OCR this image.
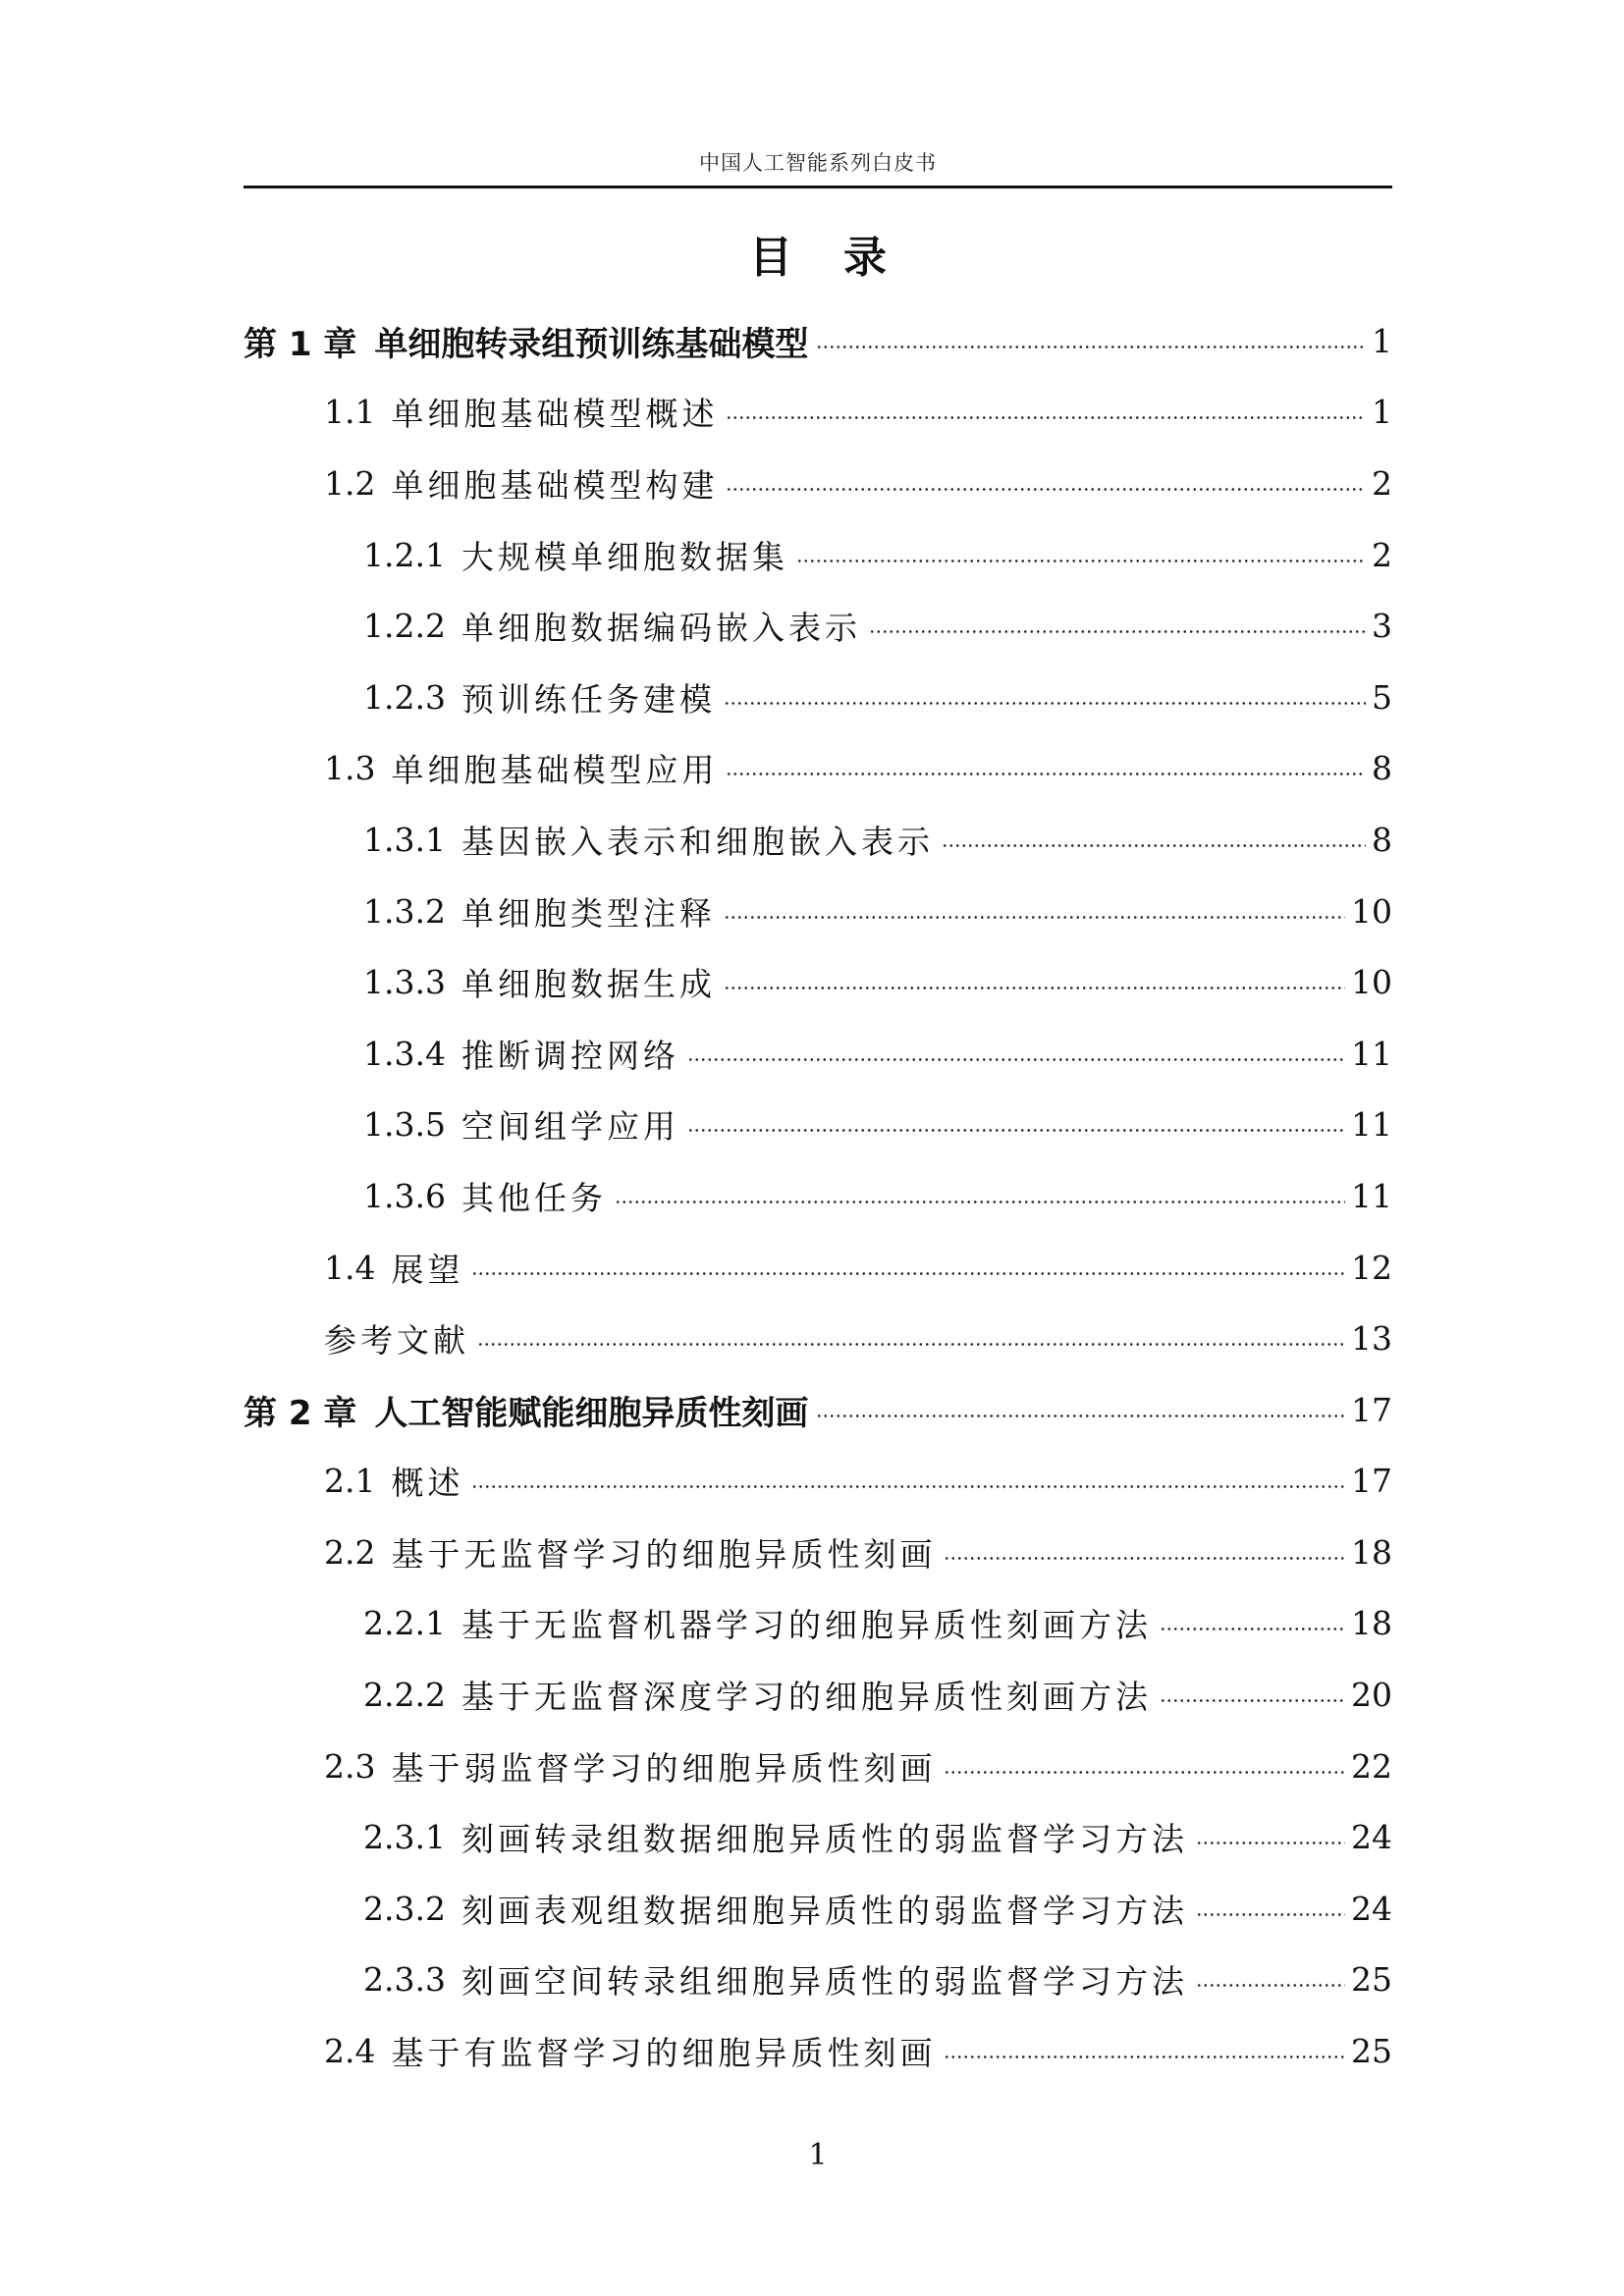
中国人工智能系列白皮书
目录
第 1 章 单细胞转录组预训练基础模型	1
1.1 单细胞基础模型概述	1
1.2 单细胞基础模型构建	2
1.2.1 大规模单细胞数据集	2
1.2.2 单细胞数据编码嵌入表示	3
1.2.3 预训练任务建模	5
1.3 单细胞基础模型应用	8
1.3.1 基因嵌入表示和细胞嵌入表示	8
1.3.2 单细胞类型注释	10
1.3.3 单细胞数据生成	10
1.3.4 推断调控网络	11
1.3.5 空间组学应用	11
1.3.6 其他任务	11
1.4 展望	12
参考文献	13
第 2 章 人工智能赋能细胞异质性刻画	17
2.1 概述	17
2.2 基于无监督学习的细胞异质性刻画	18
2.2.1 基于无监督机器学习的细胞异质性刻画方法	18
2.2.2 基于无监督深度学习的细胞异质性刻画方法	20
2.3 基于弱监督学习的细胞异质性刻画	22
2.3.1 刻画转录组数据细胞异质性的弱监督学习方法	24
2.3.2 刻画表观组数据细胞异质性的弱监督学习方法	24
2.3.3 刻画空间转录组细胞异质性的弱监督学习方法	25
2.4 基于有监督学习的细胞异质性刻画	25
1
